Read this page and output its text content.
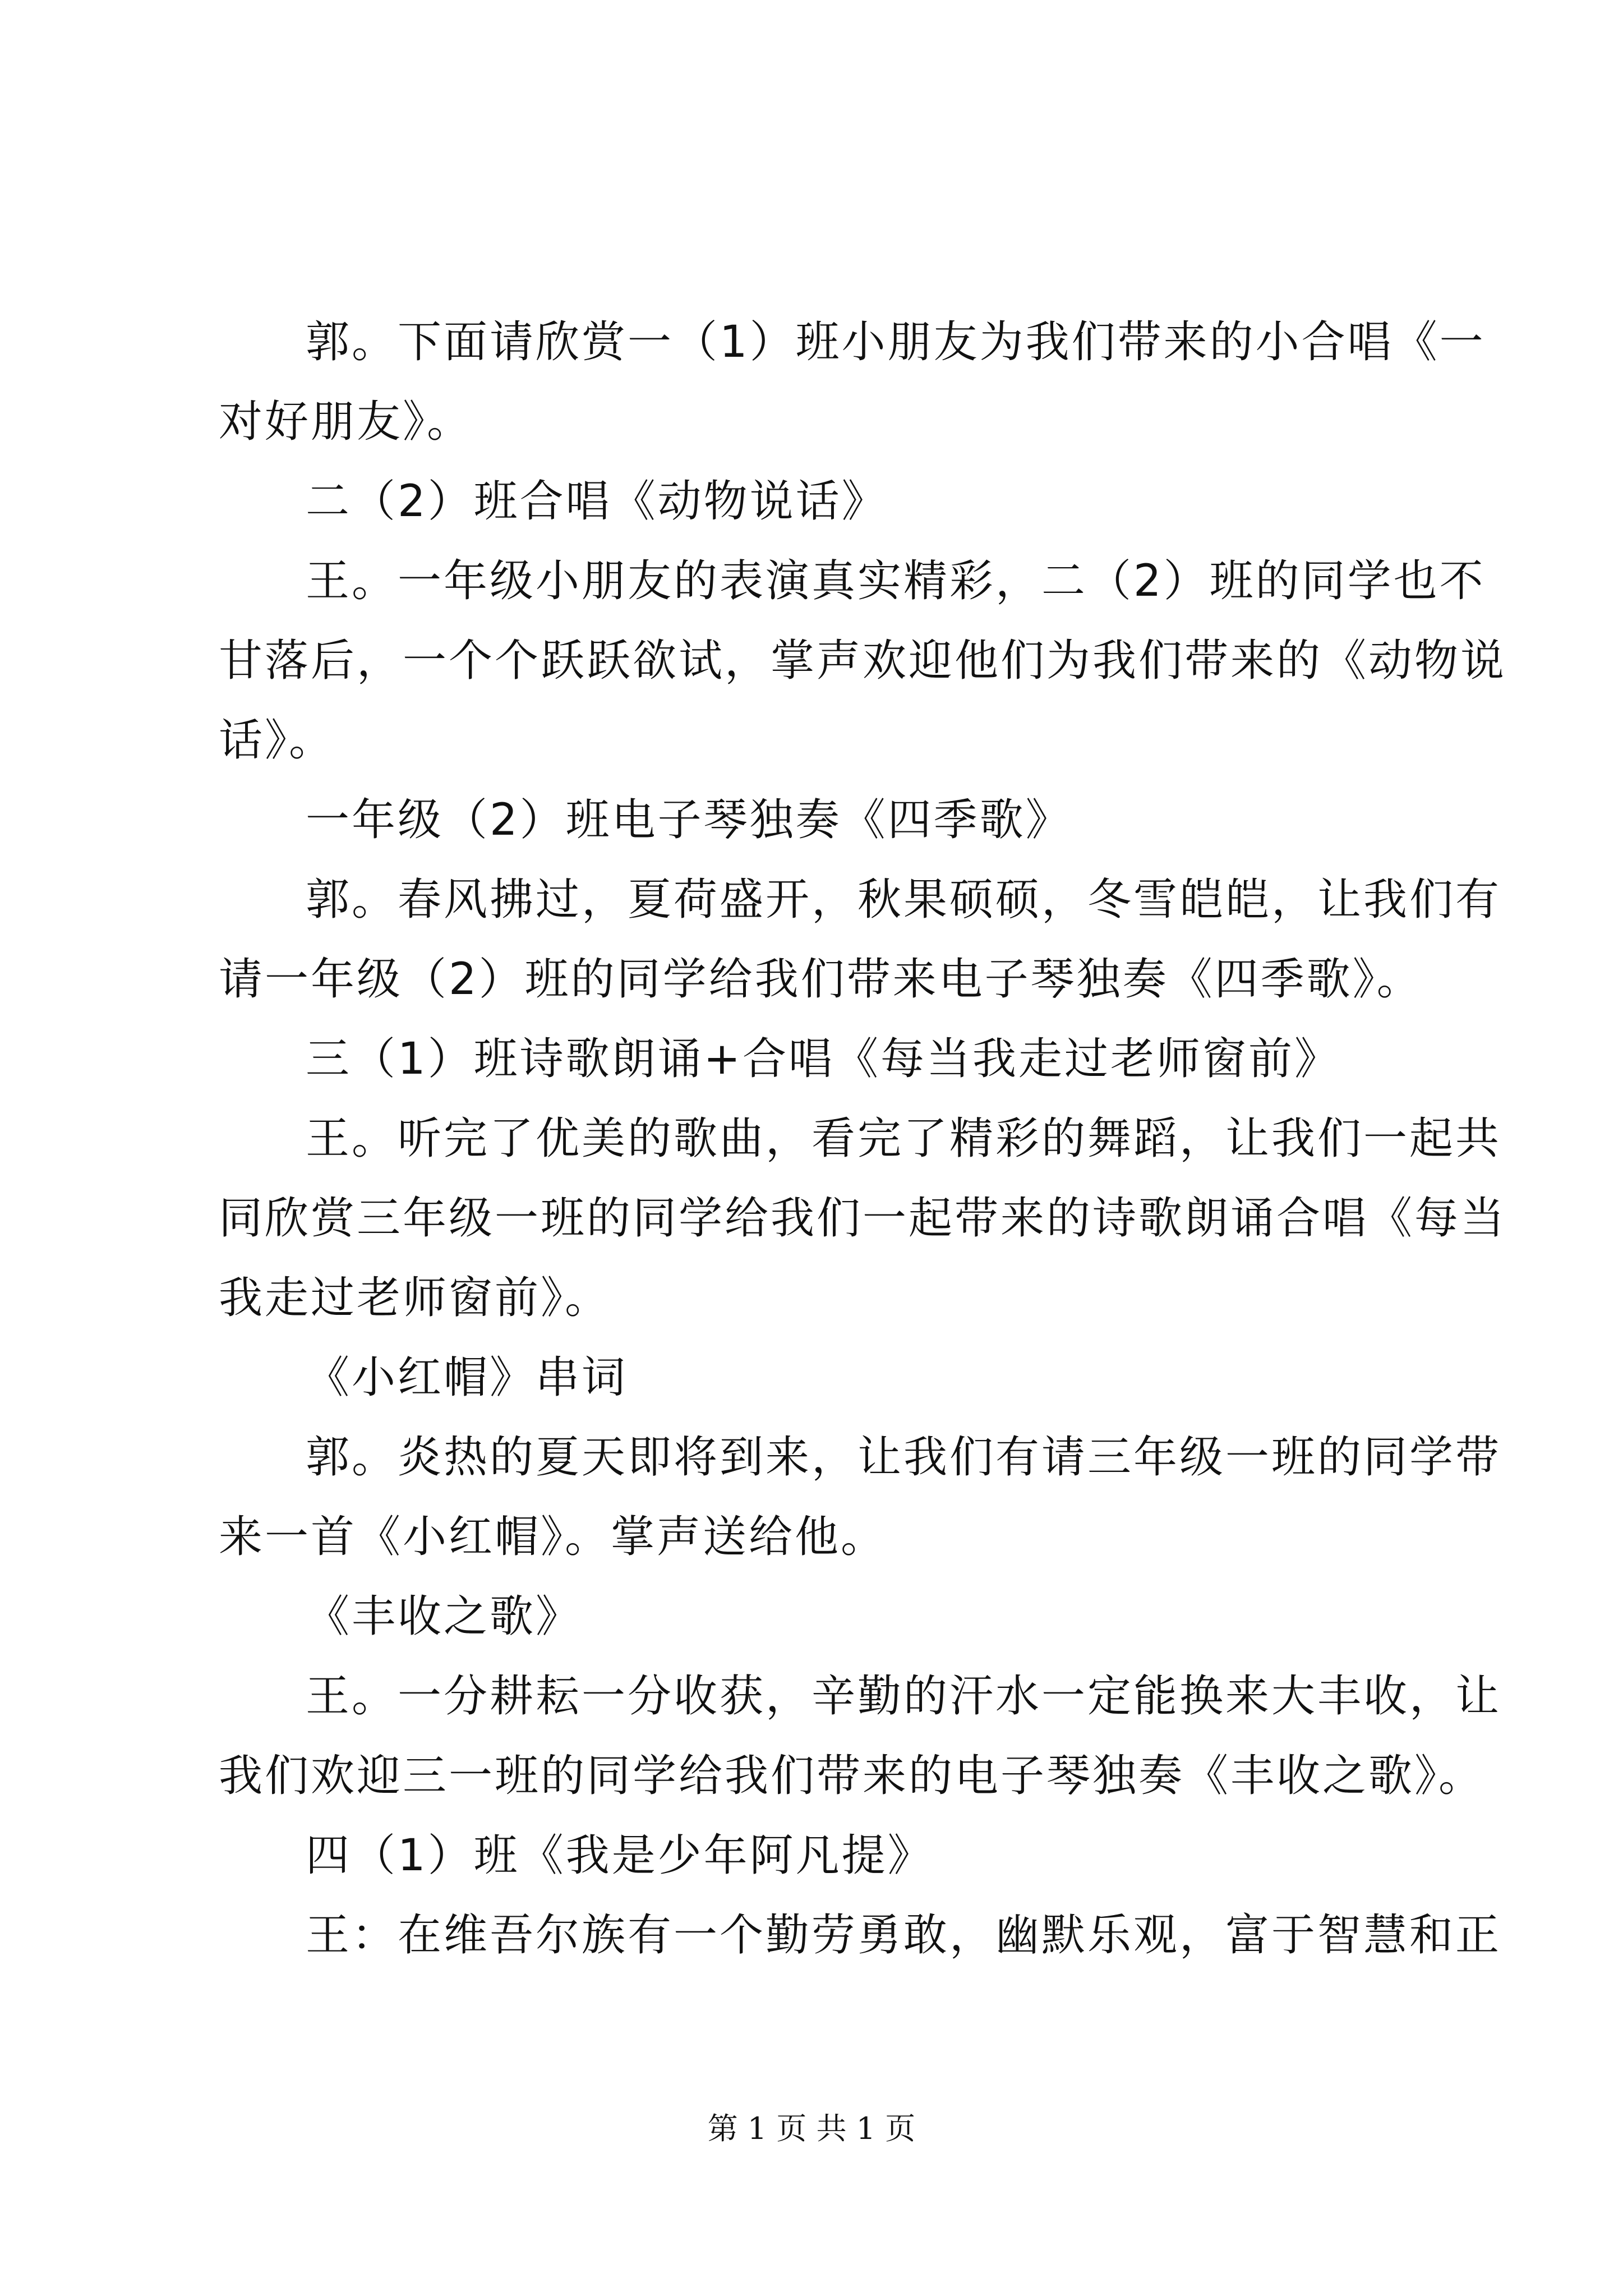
郭。下面请欣赏一（1）班小朋友为我们带来的小合唱《一
对好朋友》。
二（2）班合唱《动物说话》
王。一年级小朋友的表演真实精彩，二（2）班的同学也不
甘落后，一个个跃跃欲试，掌声欢迎他们为我们带来的《动物说
话》。
一年级（2）班电子琴独奏《四季歌》
郭。春风拂过，夏荷盛开，秋果硕硕，冬雪皑皑，让我们有
请一年级（2）班的同学给我们带来电子琴独奏《四季歌》。
三（1）班诗歌朗诵+合唱《每当我走过老师窗前》
王。听完了优美的歌曲，看完了精彩的舞蹈，让我们一起共
同欣赏三年级一班的同学给我们一起带来的诗歌朗诵合唱《每当
我走过老师窗前》。
《小红帽》串词
郭。炎热的夏天即将到来，让我们有请三年级一班的同学带
来一首《小红帽》。掌声送给他。
《丰收之歌》
王。一分耕耘一分收获，辛勤的汗水一定能换来大丰收，让
我们欢迎三一班的同学给我们带来的电子琴独奏《丰收之歌》。
四（1）班《我是少年阿凡提》
王：在维吾尔族有一个勤劳勇敢，幽默乐观，富于智慧和正
第 1 页 共 1 页
